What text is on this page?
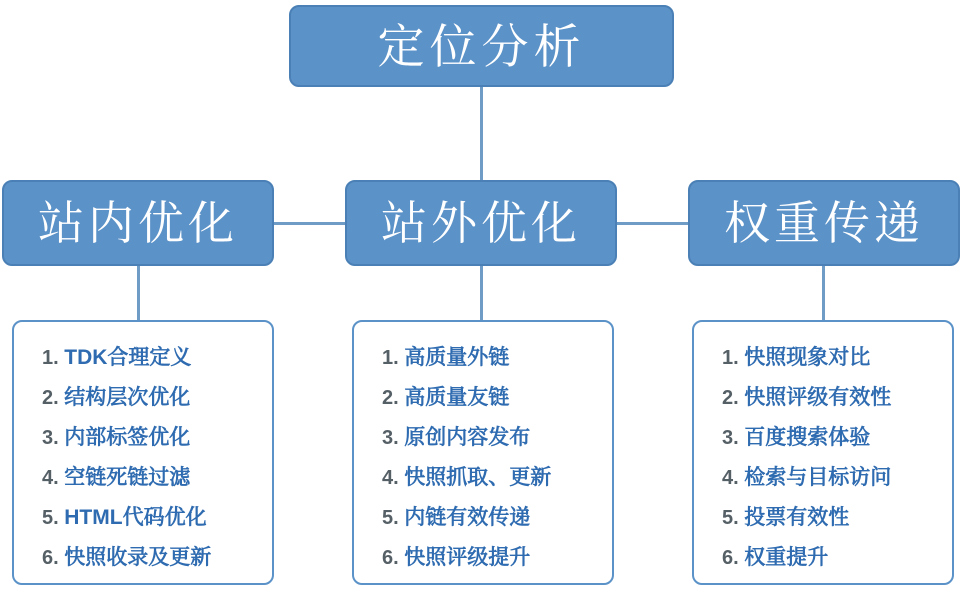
定位分析
站内优化	站外优化	权重传递
TDK合理定义
结构层次优化
内部标签优化
空链死链过滤
HTML代码优化
快照收录及更新
高质量外链
高质量友链
原创内容发布
快照抓取、更新
内链有效传递
快照评级提升
快照现象对比
快照评级有效性
百度搜索体验
检索与目标访问
投票有效性
权重提升
